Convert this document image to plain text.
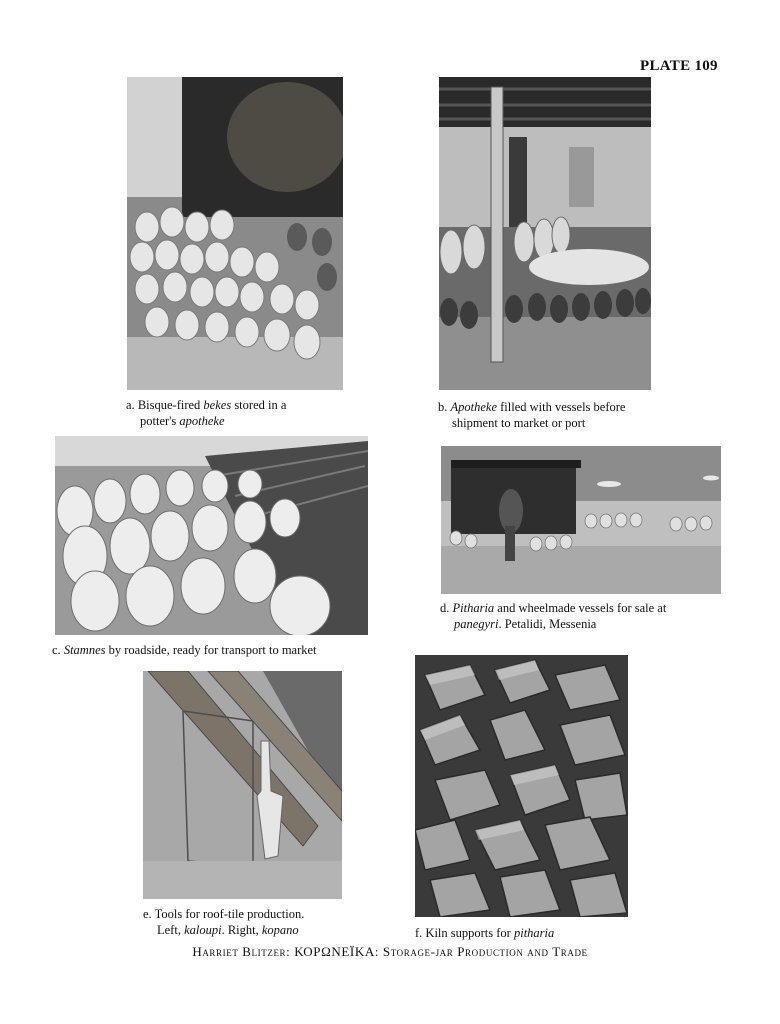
PLATE 109
a. Bisque-fired bekes stored in a
potter's apotheke
b. Apotheke filled with vessels before
shipment to market or port
c. Stamnes by roadside, ready for transport to market
d. Pitharia and wheelmade vessels for sale at
panegyri. Petalidi, Messenia
e. Tools for roof-tile production.
Left, kaloupi. Right, kopano	f. Kiln supports for pitharia
Harriet Blitzer: ΚΟΡΩΝΕΪΚΑ: Storage-jar Production and Trade
